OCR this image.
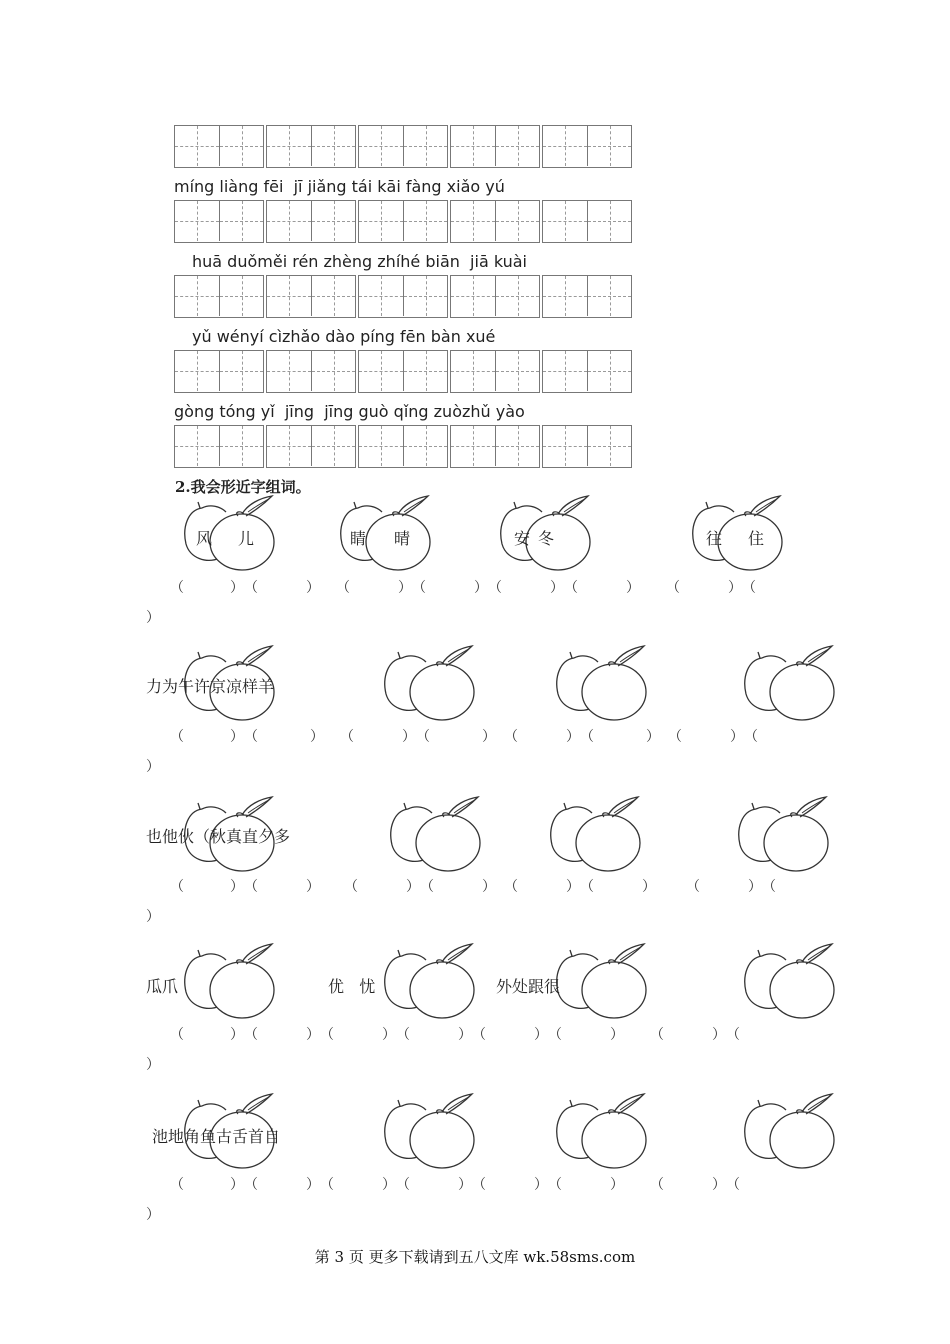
míng liàng fēi  jī jiǎng tái kāi fàng xiǎo yú
huā duǒměi rén zhèng zhíhé biān  jiā kuài
yǔ wényí cìzhǎo dào píng fēn bàn xué
gòng tóng yǐ  jīng  jīng guò qǐng zuòzhǔ yào
2.我会形近字组词。
风 儿	睛 晴	安 冬	往 住
（	） （	） （	） （	） （	） （	） （	） （
）
力为午许京凉样羊
（	） （	） （	） （	） （	） （	） （	） （
）
也他伙（秋真直夕多
（	） （	） （	） （	） （	） （	） （	） （
）
瓜爪	优   忧	外处跟很
（	） （	） （	） （	） （	） （	） （	） （
）
池地角鱼古舌首自
（	） （	） （	） （	） （	） （	） （	） （
）
第 3 页 更多下载请到五八文库 wk.58sms.com
